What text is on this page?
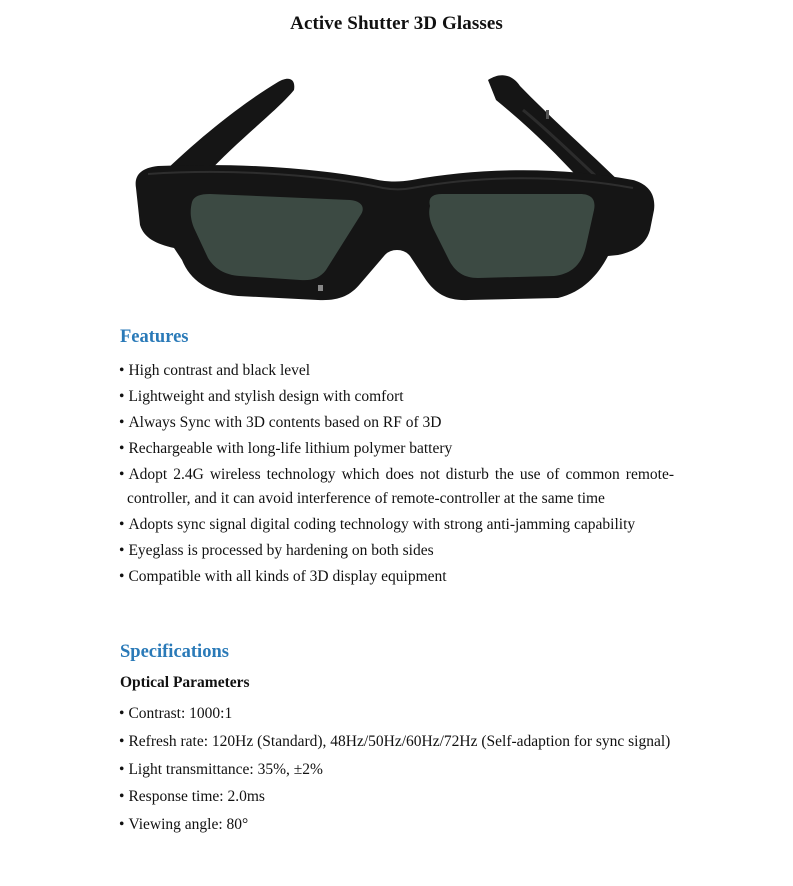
Active Shutter 3D Glasses
Features
• High contrast and black level
• Lightweight and stylish design with comfort
• Always Sync with 3D contents based on RF of 3D
• Rechargeable with long-life lithium polymer battery
• Adopt 2.4G wireless technology which does not disturb the use of common remote-controller, and it can avoid interference of remote-controller at the same time
• Adopts sync signal digital coding technology with strong anti-jamming capability
• Eyeglass is processed by hardening on both sides
• Compatible with all kinds of 3D display equipment
Specifications
Optical Parameters
• Contrast: 1000:1
• Refresh rate: 120Hz (Standard), 48Hz/50Hz/60Hz/72Hz (Self-adaption for sync signal)
• Light transmittance: 35%, ±2%
• Response time: 2.0ms
• Viewing angle: 80°
